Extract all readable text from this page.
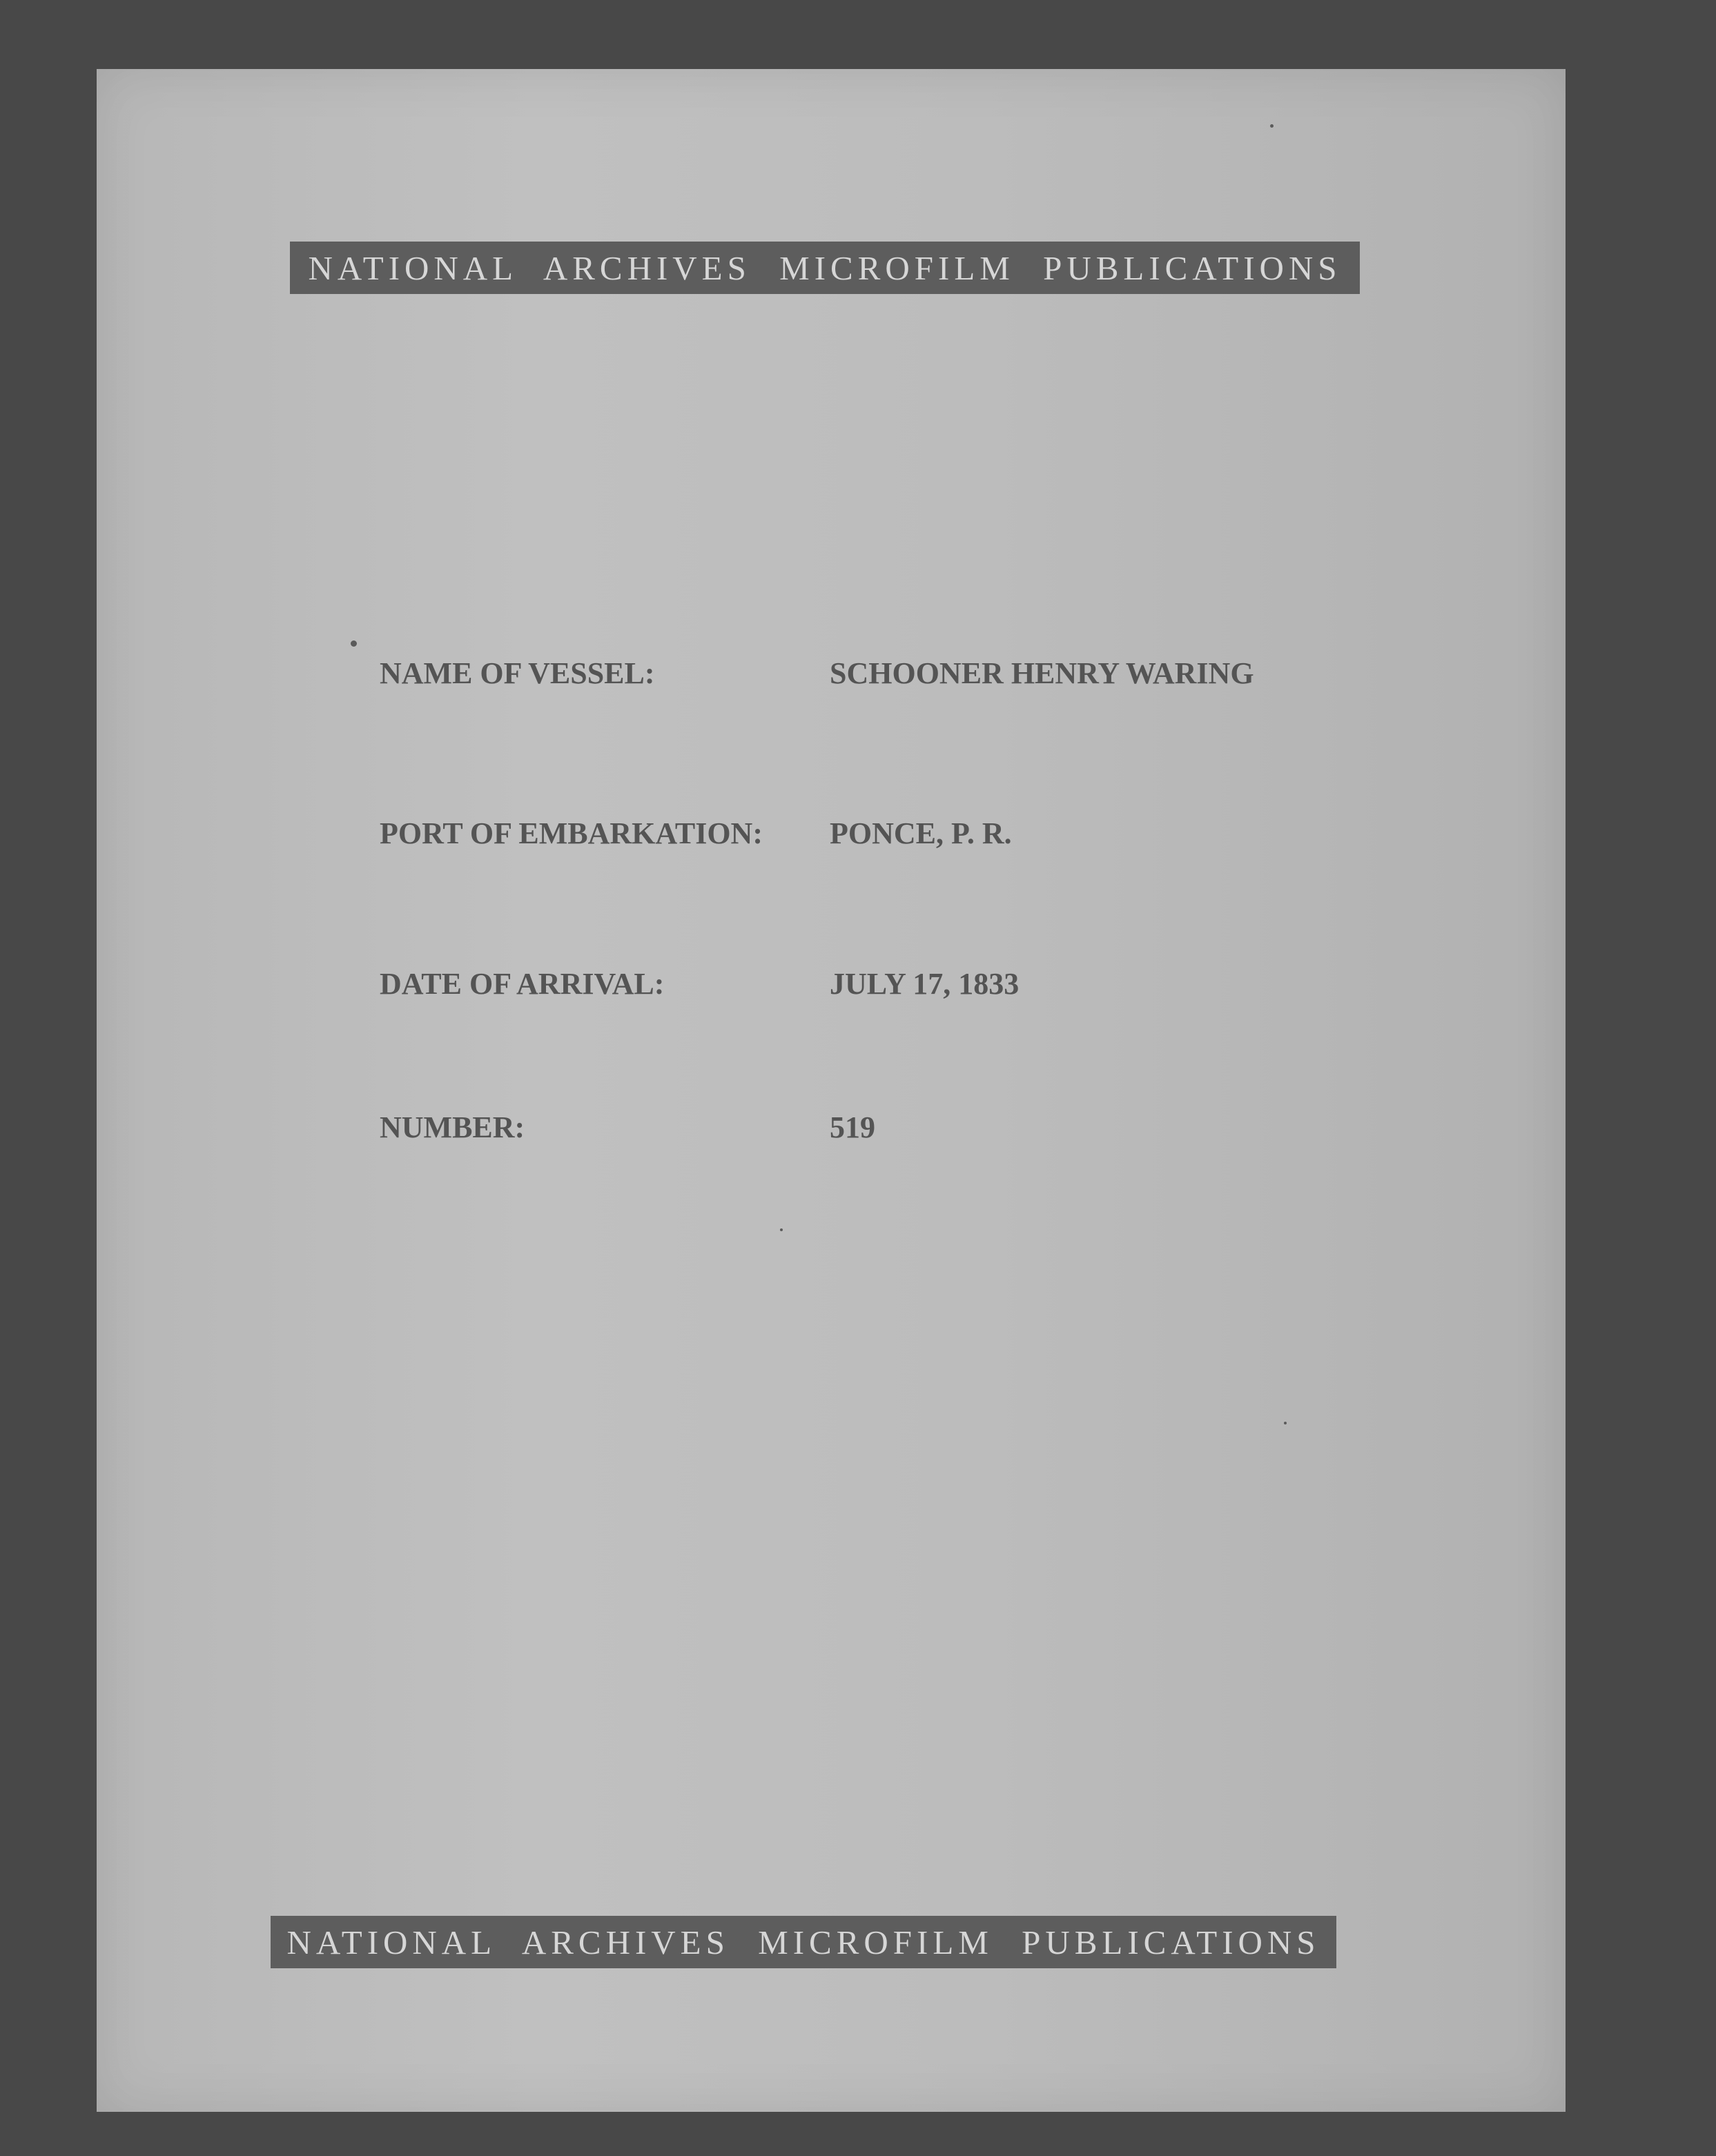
NATIONAL ARCHIVES MICROFILM PUBLICATIONS
NAME OF VESSEL:	SCHOONER HENRY WARING
PORT OF EMBARKATION: PONCE, P. R.
DATE OF ARRIVAL:	JULY 17, 1833
NUMBER:	519
NATIONAL ARCHIVES MICROFILM PUBLICATIONS
